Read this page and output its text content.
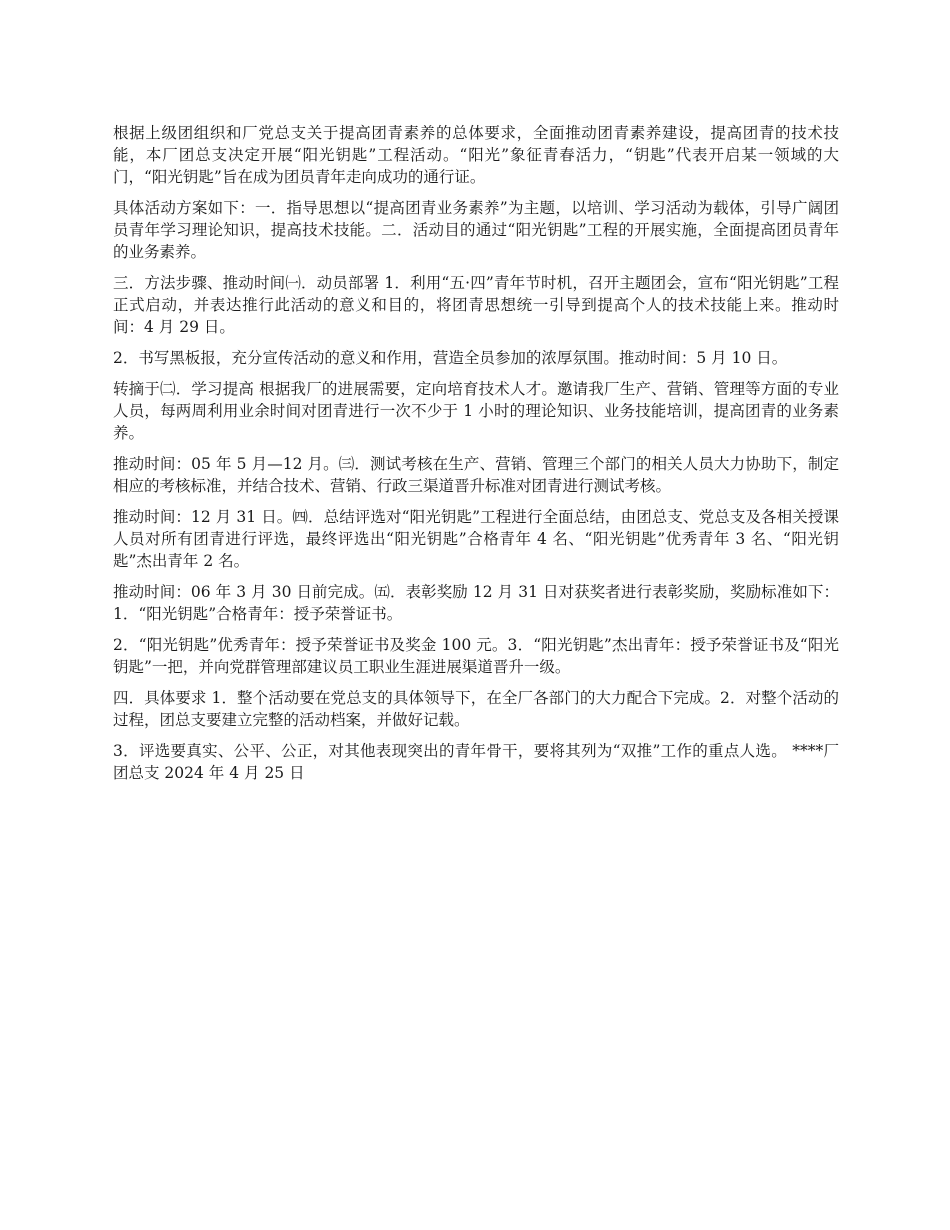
根据上级团组织和厂党总支关于提高团青素养的总体要求，全面推动团青素养建设，提高团青的技术技能，本厂团总支决定开展“阳光钥匙”工程活动。“阳光”象征青春活力，“钥匙”代表开启某一领域的大门，“阳光钥匙”旨在成为团员青年走向成功的通行证。

具体活动方案如下：一．指导思想以“提高团青业务素养”为主题，以培训、学习活动为载体，引导广阔团员青年学习理论知识，提高技术技能。二．活动目的通过“阳光钥匙”工程的开展实施，全面提高团员青年的业务素养。

三．方法步骤、推动时间㈠．动员部署 1．利用“五·四”青年节时机，召开主题团会，宣布“阳光钥匙”工程正式启动，并表达推行此活动的意义和目的，将团青思想统一引导到提高个人的技术技能上来。推动时间：4 月 29 日。

2．书写黑板报，充分宣传活动的意义和作用，营造全员参加的浓厚氛围。推动时间：5 月 10 日。

转摘于㈡．学习提高 根据我厂的进展需要，定向培育技术人才。邀请我厂生产、营销、管理等方面的专业人员，每两周利用业余时间对团青进行一次不少于 1 小时的理论知识、业务技能培训，提高团青的业务素养。

推动时间：05 年 5 月—12 月。㈢．测试考核在生产、营销、管理三个部门的相关人员大力协助下，制定相应的考核标准，并结合技术、营销、行政三渠道晋升标准对团青进行测试考核。

推动时间：12 月 31 日。㈣．总结评选对“阳光钥匙”工程进行全面总结，由团总支、党总支及各相关授课人员对所有团青进行评选，最终评选出“阳光钥匙”合格青年 4 名、“阳光钥匙”优秀青年 3 名、“阳光钥匙”杰出青年 2 名。

推动时间：06 年 3 月 30 日前完成。㈤．表彰奖励 12 月 31 日对获奖者进行表彰奖励，奖励标准如下：1．“阳光钥匙”合格青年：授予荣誉证书。

2．“阳光钥匙”优秀青年：授予荣誉证书及奖金 100 元。3．“阳光钥匙”杰出青年：授予荣誉证书及“阳光钥匙”一把，并向党群管理部建议员工职业生涯进展渠道晋升一级。

四．具体要求 1．整个活动要在党总支的具体领导下，在全厂各部门的大力配合下完成。2．对整个活动的过程，团总支要建立完整的活动档案，并做好记载。

3．评选要真实、公平、公正，对其他表现突出的青年骨干，要将其列为“双推”工作的重点人选。 ****厂团总支 2024 年 4 月 25 日
